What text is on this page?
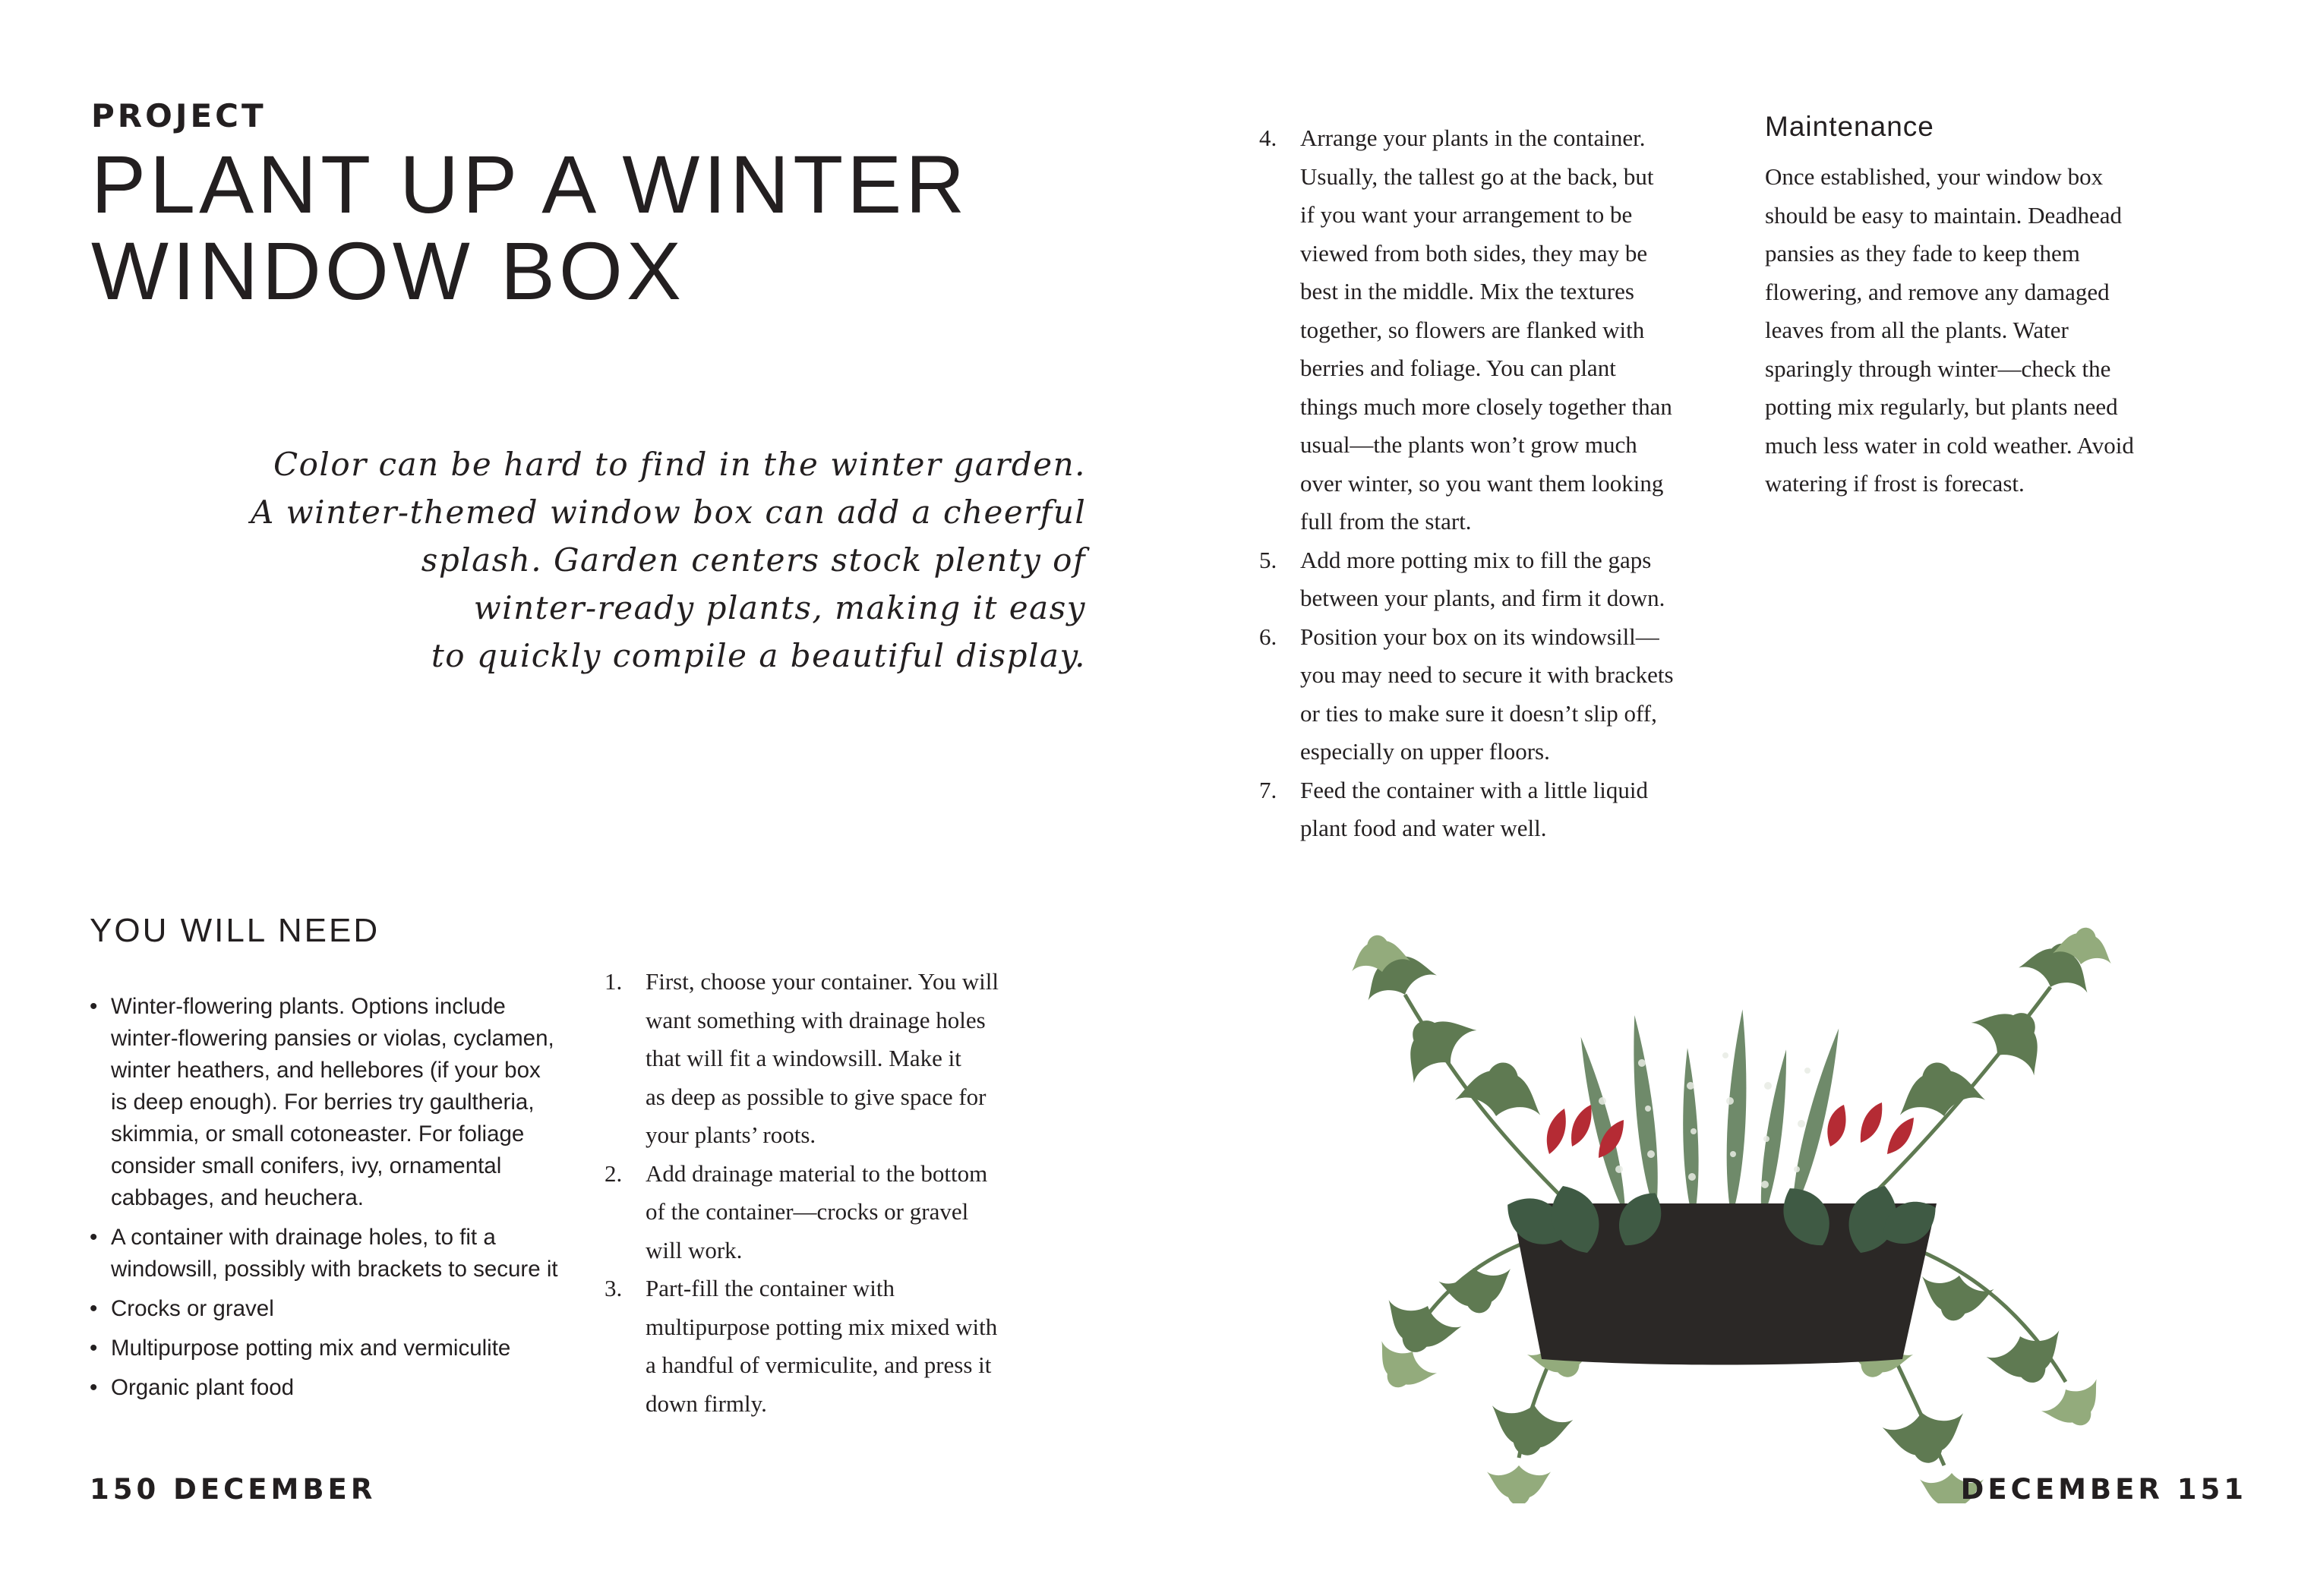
PROJECT
PLANT UP A WINTER
WINDOW BOX
Color can be hard to find in the winter garden.
A winter-themed window box can add a cheerful
splash. Garden centers stock plenty of
winter-ready plants, making it easy
to quickly compile a beautiful display.
YOU WILL NEED
• Winter-flowering plants. Options include
winter-flowering pansies or violas, cyclamen,
winter heathers, and hellebores (if your box
is deep enough). For berries try gaultheria,
skimmia, or small cotoneaster. For foliage
consider small conifers, ivy, ornamental
cabbages, and heuchera.
• A container with drainage holes, to fit a
windowsill, possibly with brackets to secure it
• Crocks or gravel
• Multipurpose potting mix and vermiculite
• Organic plant food
1. First, choose your container. You will
want something with drainage holes
that will fit a windowsill. Make it
as deep as possible to give space for
your plants’ roots.
2. Add drainage material to the bottom
of the container—crocks or gravel
will work.
3. Part-fill the container with
multipurpose potting mix mixed with
a handful of vermiculite, and press it
down firmly.
150 DECEMBER
4. Arrange your plants in the container.
Usually, the tallest go at the back, but
if you want your arrangement to be
viewed from both sides, they may be
best in the middle. Mix the textures
together, so flowers are flanked with
berries and foliage. You can plant
things much more closely together than
usual—the plants won’t grow much
over winter, so you want them looking
full from the start.
5. Add more potting mix to fill the gaps
between your plants, and firm it down.
6. Position your box on its windowsill—
you may need to secure it with brackets
or ties to make sure it doesn’t slip off,
especially on upper floors.
7. Feed the container with a little liquid
plant food and water well.
Maintenance
Once established, your window box
should be easy to maintain. Deadhead
pansies as they fade to keep them
flowering, and remove any damaged
leaves from all the plants. Water
sparingly through winter—check the
potting mix regularly, but plants need
much less water in cold weather. Avoid
watering if frost is forecast.
DECEMBER 151
